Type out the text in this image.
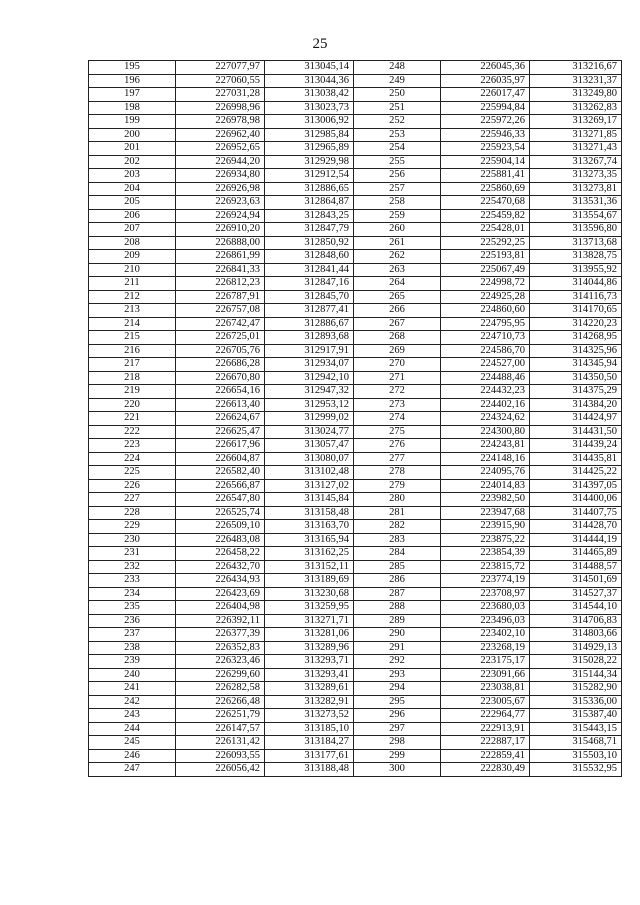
25
195	227077,97	313045,14	248	226045,36	313216,67
196	227060,55	313044,36	249	226035,97	313231,37
197	227031,28	313038,42	250	226017,47	313249,80
198	226998,96	313023,73	251	225994,84	313262,83
199	226978,98	313006,92	252	225972,26	313269,17
200	226962,40	312985,84	253	225946,33	313271,85
201	226952,65	312965,89	254	225923,54	313271,43
202	226944,20	312929,98	255	225904,14	313267,74
203	226934,80	312912,54	256	225881,41	313273,35
204	226926,98	312886,65	257	225860,69	313273,81
205	226923,63	312864,87	258	225470,68	313531,36
206	226924,94	312843,25	259	225459,82	313554,67
207	226910,20	312847,79	260	225428,01	313596,80
208	226888,00	312850,92	261	225292,25	313713,68
209	226861,99	312848,60	262	225193,81	313828,75
210	226841,33	312841,44	263	225067,49	313955,92
211	226812,23	312847,16	264	224998,72	314044,86
212	226787,91	312845,70	265	224925,28	314116,73
213	226757,08	312877,41	266	224860,60	314170,65
214	226742,47	312886,67	267	224795,95	314220,23
215	226725,01	312893,68	268	224710,73	314268,95
216	226705,76	312917,91	269	224586,70	314325,96
217	226686,28	312934,07	270	224527,00	314345,94
218	226670,80	312942,10	271	224488,46	314350,50
219	226654,16	312947,32	272	224432,23	314375,29
220	226613,40	312953,12	273	224402,16	314384,20
221	226624,67	312999,02	274	224324,62	314424,97
222	226625,47	313024,77	275	224300,80	314431,50
223	226617,96	313057,47	276	224243,81	314439,24
224	226604,87	313080,07	277	224148,16	314435,81
225	226582,40	313102,48	278	224095,76	314425,22
226	226566,87	313127,02	279	224014,83	314397,05
227	226547,80	313145,84	280	223982,50	314400,06
228	226525,74	313158,48	281	223947,68	314407,75
229	226509,10	313163,70	282	223915,90	314428,70
230	226483,08	313165,94	283	223875,22	314444,19
231	226458,22	313162,25	284	223854,39	314465,89
232	226432,70	313152,11	285	223815,72	314488,57
233	226434,93	313189,69	286	223774,19	314501,69
234	226423,69	313230,68	287	223708,97	314527,37
235	226404,98	313259,95	288	223680,03	314544,10
236	226392,11	313271,71	289	223496,03	314706,83
237	226377,39	313281,06	290	223402,10	314803,66
238	226352,83	313289,96	291	223268,19	314929,13
239	226323,46	313293,71	292	223175,17	315028,22
240	226299,60	313293,41	293	223091,66	315144,34
241	226282,58	313289,61	294	223038,81	315282,90
242	226266,48	313282,91	295	223005,67	315336,00
243	226251,79	313273,52	296	222964,77	315387,40
244	226147,57	313185,10	297	222913,91	315443,15
245	226131,42	313184,27	298	222887,17	315468,71
246	226093,55	313177,61	299	222859,41	315503,10
247	226056,42	313188,48	300	222830,49	315532,95
